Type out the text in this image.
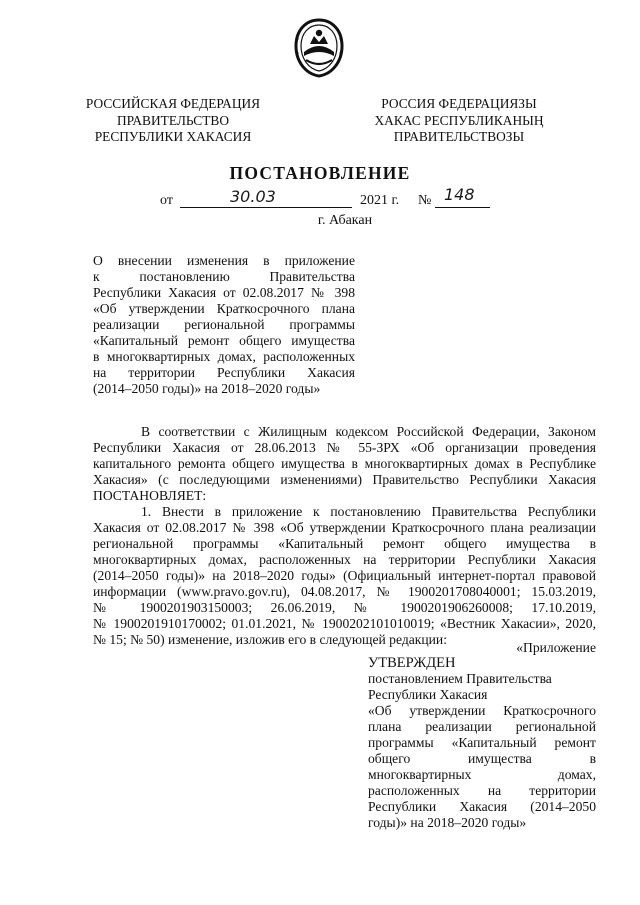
РОССИЙСКАЯ ФЕДЕРАЦИЯ
ПРАВИТЕЛЬСТВО
РЕСПУБЛИКИ ХАКАСИЯ
РОССИЯ ФЕДЕРАЦИЯЗЫ
ХАКАС РЕСПУБЛИКАНЫҢ
ПРАВИТЕЛЬСТВОЗЫ
ПОСТАНОВЛЕНИЕ
от	30.03	2021 г. № 148
г. Абакан
О внесении изменения в приложение
к постановлению Правительства
Республики Хакасия от 02.08.2017 № 398
«Об утверждении Краткосрочного плана
реализации региональной программы
«Капитальный ремонт общего имущества
в многоквартирных домах, расположенных
на территории Республики Хакасия
(2014–2050 годы)» на 2018–2020 годы»
В соответствии с Жилищным кодексом Российской Федерации, Законом
Республики Хакасия от 28.06.2013 № 55-ЗРХ «Об организации проведения
капитального ремонта общего имущества в многоквартирных домах в Республике
Хакасия» (с последующими изменениями) Правительство Республики Хакасия
ПОСТАНОВЛЯЕТ:
1. Внести в приложение к постановлению Правительства Республики
Хакасия от 02.08.2017 № 398 «Об утверждении Краткосрочного плана реализации
региональной программы «Капитальный ремонт общего имущества в
многоквартирных домах, расположенных на территории Республики Хакасия
(2014–2050 годы)» на 2018–2020 годы» (Официальный интернет-портал правовой
информации (www.pravo.gov.ru), 04.08.2017, № 1900201708040001; 15.03.2019,
№ 1900201903150003; 26.06.2019, № 1900201906260008; 17.10.2019,
№ 1900201910170002; 01.01.2021, № 1900202101010019; «Вестник Хакасии», 2020,
№ 15; № 50) изменение, изложив его в следующей редакции:
«Приложение
УТВЕРЖДЕН
постановлением Правительства
Республики Хакасия
«Об утверждении Краткосрочного
плана реализации региональной
программы «Капитальный ремонт
общего имущества в
многоквартирных домах,
расположенных на территории
Республики Хакасия (2014–2050
годы)» на 2018–2020 годы»
